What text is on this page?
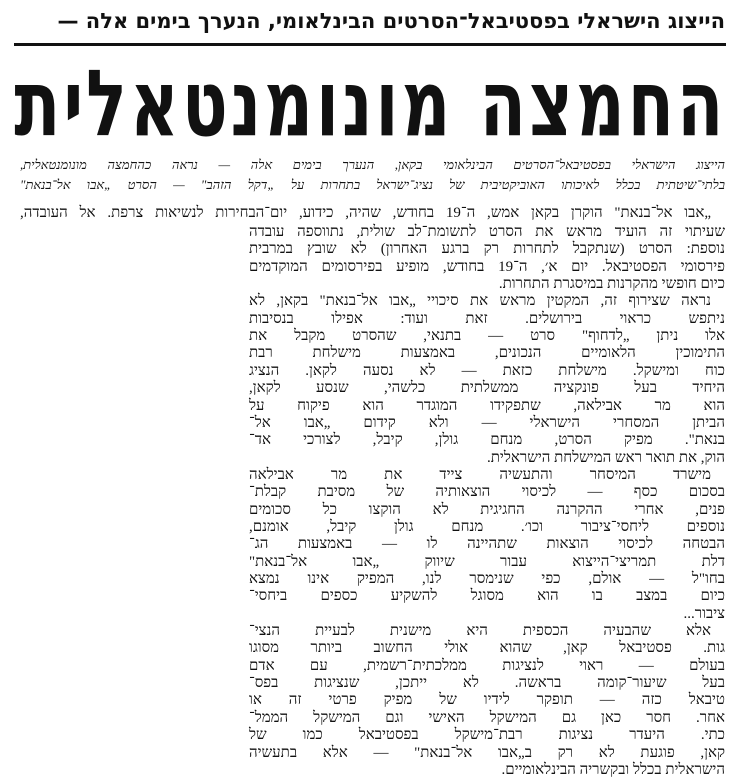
הייצוג הישראלי בפסטיבאל־הסרטים הבינלאומי, הנערך בימים אלה —
החמצה מונומנטאלית
הייצוג הישראלי בפסטיבאל־הסרטים הבינלאומי בקאן, הנערך בימים אלה — נראה כהחמצה מונומנטאלית,
בלתי־שיטתית בכלל לאיכותו האוביקטיבית של נציג־ישראל בתחרות על „דקל הזהב" — הסרט „אבו אל־בנאת"
„אבו אל־בנאת" הוקרן בקאן אמש, ה־19 בחודש, שהיה, כידוע, יום־הבחירות לנשיאות צרפת. אל העובדה,
שעיתוי זה הועיד מראש את הסרט לתשומת־לב שולית, נתווספה עובדה
נוספת: הסרט (שנתקבל לתחרות רק ברגע האחרון) לא שובץ במרבית
פירסומי הפסטיבאל. יום א׳, ה־19 בחודש, מופיע בפירסומים המוקדמים
כיום חופשי מהקרנות במיסגרת התחרות.
נראה שצירוף זה, המקטין מראש את סיכויי „אבו אל־בנאת" בקאן, לא
ניתפש כראוי בירושלים. זאת ועוד: אפילו בנסיבות
אלו ניתן „לדחוף" סרט — בתנאי, שהסרט מקבל את
התימוכין הלאומיים הנכונים, באמצעות מישלחת רבת
כוח ומישקל. מישלחת כזאת — לא נסעה לקאן. הנציג
היחיד בעל פונקציה ממשלתית כלשהי, שנסע לקאן,
הוא מר אבילאה, שתפקידו המוגדר הוא פיקוח על
הביתן המסחרי הישראלי — ולא קידום „אבו אל־
בנאת". מפיק הסרט, מנחם גולן, קיבל, לצורכי אד־
הוק, את תואר ראש המישלחת הישראלית.
מישרד המיסחר והתעשיה צייד את מר אבילאה
בסכום כסף — לכיסוי הוצאותיה של מסיבת קבלת־
פנים, אחרי ההקרנה החגיגית לא הוקצו כל סכומים
נוספים ליחסי־ציבור וכו׳. מנחם גולן קיבל, אומנם,
הבטחה לכיסוי הוצאות שתהיינה לו — באמצעות הג־
דלת תמריצי־הייצוא עבור שיווק „אבו אל־בנאת"
בחו"ל — אולם, כפי שנימסר לנו, המפיק אינו נמצא
כיום במצב בו הוא מסוגל להשקיע כספים ביחסי־
ציבור...
אלא שהבעיה הכספית היא מישנית לבעיית הנצי־
גות. פסטיבאל קאן, שהוא אולי החשוב ביותר מסוגו
בעולם — ראוי לנציגות ממלכתית־רשמית, עם אדם
בעל שיעור־קומה בראשה. לא ייתכן, שנציגות בפס־
טיבאל כזה — תופקר לידיו של מפיק פרטי זה או
אחר. חסר כאן גם המישקל האישי וגם המישקל הממל־
כתי. היעדר נציגות רבת־מישקל בפסטיבאל כמו של
קאן, פוגעת לא רק ב„אבו אל־בנאת" — אלא בתעשיה
הישראלית בכלל ובקשריה הבינלאומיים.
